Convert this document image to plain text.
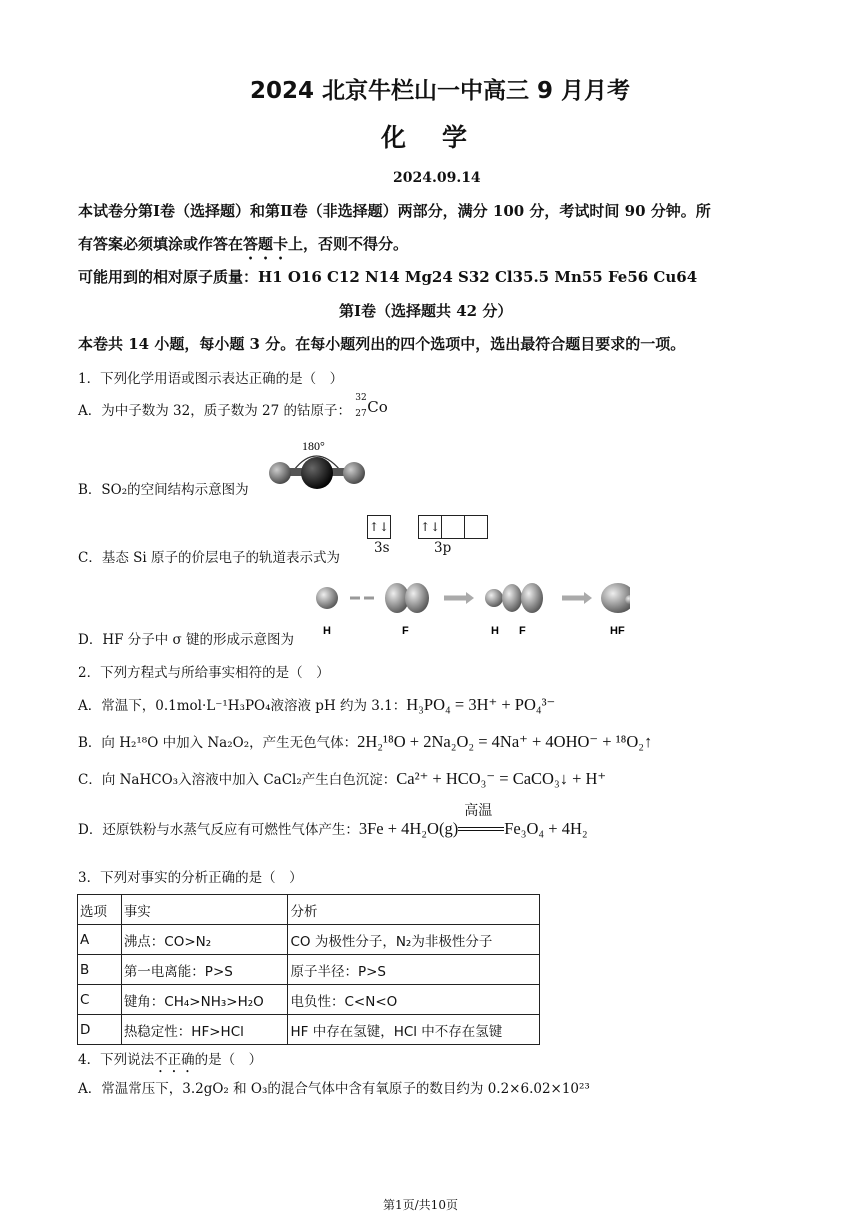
2024 北京牛栏山一中高三 9 月月考
化学
2024.09.14
本试卷分第Ⅰ卷（选择题）和第Ⅱ卷（非选择题）两部分，满分 100 分，考试时间 90 分钟。所
有答案必须填涂或作答在答题卡上，否则不得分。
可能用到的相对原子质量：H1 O16 C12 N14 Mg24 S32 Cl35.5 Mn55 Fe56 Cu64
第Ⅰ卷（选择题共 42 分）
本卷共 14 小题，每小题 3 分。在每小题列出的四个选项中，选出最符合题目要求的一项。
1．下列化学用语或图示表达正确的是（　）
A．为中子数为 32，质子数为 27 的钴原子：
32
27 Co
B．SO₂的空间结构示意图为
180°
C．基态 Si 原子的价层电子的轨道表示式为
↑↓	↑↓
3s	3p
D．HF 分子中 σ 键的形成示意图为
H	F	H F	HF
2．下列方程式与所给事实相符的是（　）
A．常温下，0.1mol·L⁻¹H₃PO₄液溶液 pH 约为 3.1：H₃PO₄ = 3H⁺ + PO₄³⁻
B．向 H₂¹⁸O 中加入 Na₂O₂，产生无色气体：2H₂¹⁸O + 2Na₂O₂ = 4Na⁺ + 4OHO⁻ + ¹⁸O₂↑
C．向 NaHCO₃入溶液中加入 CaCl₂产生白色沉淀：Ca²⁺ + HCO₃⁻ = CaCO₃↓ + H⁺
D．还原铁粉与水蒸气反应有可燃性气体产生：3Fe + 4H₂O(g)
高温
Fe₃O₄ + 4H₂
3．下列对事实的分析正确的是（　）
选项	事实	分析
A	沸点：CO>N₂	CO 为极性分子，N₂为非极性分子
B	第一电离能：P>S	原子半径：P>S
C	键角：CH₄>NH₃>H₂O	电负性：C<N<O
D	热稳定性：HF>HCl	HF 中存在氢键，HCl 中不存在氢键
4．下列说法不正确的是（　）
A．常温常压下，3.2gO₂ 和 O₃的混合气体中含有氧原子的数目约为 0.2×6.02×10²³
第1页/共10页
